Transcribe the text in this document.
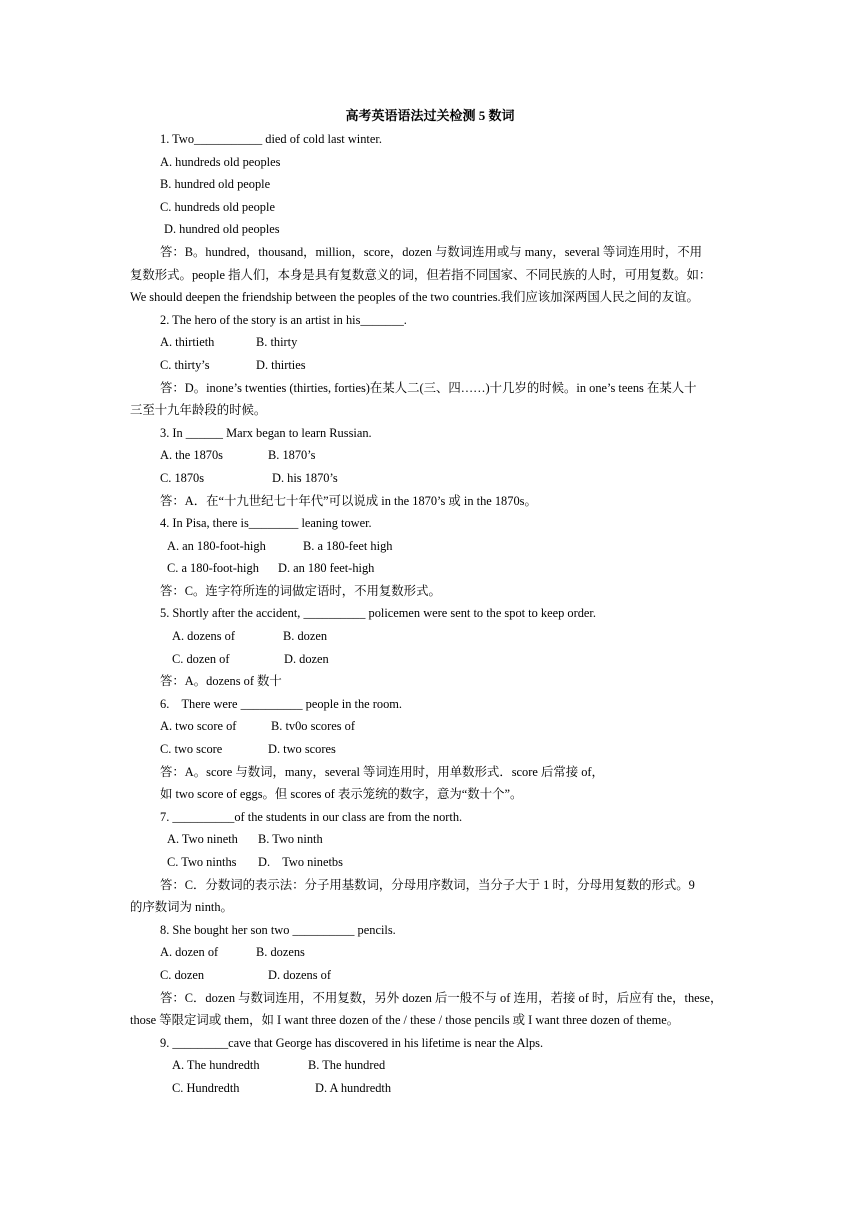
高考英语语法过关检测 5 数词
1. Two___________ died of cold last winter.
A. hundreds old peoples
B. hundred old people
C. hundreds old people
D. hundred old peoples
答：B。hundred，thousand，million，score，dozen 与数词连用或与 many，several 等词连用时，不用
复数形式。people 指人们，本身是具有复数意义的词，但若指不同国家、不同民族的人时，可用复数。如：
We should deepen the friendship between the peoples of the two countries.我们应该加深两国人民之间的友谊。
2. The hero of the story is an artist in his_______.
A. thirtieth	B. thirty
C. thirty’s	D. thirties
答：D。inone’s twenties (thirties, forties)在某人二(三、四……)十几岁的时候。in one’s teens 在某人十
三至十九年龄段的时候。
3. In ______ Marx began to learn Russian.
A. the 1870s	B. 1870’s
C. 1870s	D. his 1870’s
答：A．在“十九世纪七十年代”可以说成 in the 1870’s 或 in the 1870s。
4. In Pisa, there is________ leaning tower.
A. an 180-foot-high	B. a 180-feet high
C. a 180-foot-high D. an 180 feet-high
答：C。连字符所连的词做定语时，不用复数形式。
5. Shortly after the accident, __________ policemen were sent to the spot to keep order.
A. dozens of	B. dozen
C. dozen of	D. dozen
答：A。dozens of 数十
6.    There were __________ people in the room.
A. two score of	B. tv0o scores of
C. two score	D. two scores
答：A。score 与数词，many，several 等词连用时，用单数形式．score 后常接 of，
如 two score of eggs。但 scores of 表示笼统的数字，意为“数十个”。
7. __________of the students in our class are from the north.
A. Two nineth B. Two ninth
C. Two ninths D.    Two ninetbs
答：C．分数词的表示法：分子用基数词，分母用序数词，当分子大于 1 时，分母用复数的形式。9
的序数词为 ninth。
8. She bought her son two __________ pencils.
A. dozen of	B. dozens
C. dozen	D. dozens of
答：C．dozen 与数词连用，不用复数，另外 dozen 后一般不与 of 连用，若接 of 时，后应有 the，these，
those 等限定词或 them，如 I want three dozen of the / these / those pencils 或 I want three dozen of theme。
9. _________cave that George has discovered in his lifetime is near the Alps.
A. The hundredth	B. The hundred
C. Hundredth	D. A hundredth
